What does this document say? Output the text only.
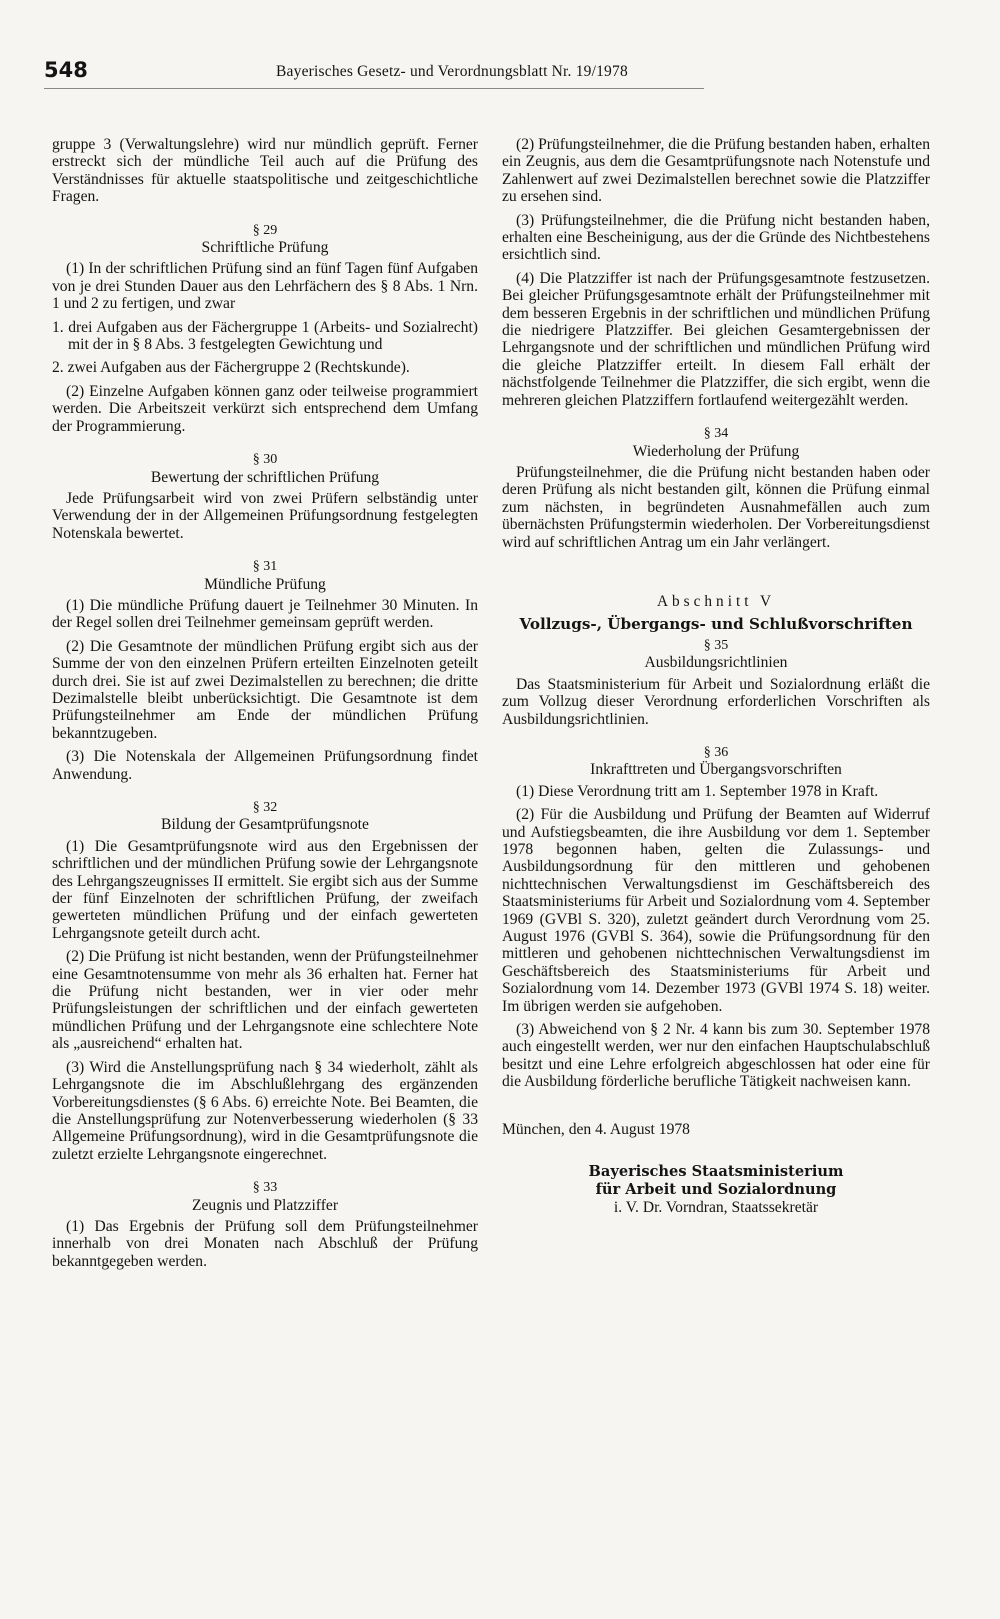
548	Bayerisches Gesetz- und Verordnungsblatt Nr. 19/1978

gruppe 3 (Verwaltungslehre) wird nur mündlich geprüft. Ferner erstreckt sich der mündliche Teil auch auf die Prüfung des Verständnisses für aktuelle staatspolitische und zeitgeschichtliche Fragen.

§ 29
Schriftliche Prüfung

(1) In der schriftlichen Prüfung sind an fünf Tagen fünf Aufgaben von je drei Stunden Dauer aus den Lehrfächern des § 8 Abs. 1 Nrn. 1 und 2 zu fertigen, und zwar

1. drei Aufgaben aus der Fächergruppe 1 (Arbeits- und Sozialrecht) mit der in § 8 Abs. 3 festgelegten Gewichtung und

2. zwei Aufgaben aus der Fächergruppe 2 (Rechtskunde).

(2) Einzelne Aufgaben können ganz oder teilweise programmiert werden. Die Arbeitszeit verkürzt sich entsprechend dem Umfang der Programmierung.

§ 30
Bewertung der schriftlichen Prüfung

Jede Prüfungsarbeit wird von zwei Prüfern selbständig unter Verwendung der in der Allgemeinen Prüfungsordnung festgelegten Notenskala bewertet.

§ 31
Mündliche Prüfung

(1) Die mündliche Prüfung dauert je Teilnehmer 30 Minuten. In der Regel sollen drei Teilnehmer gemeinsam geprüft werden.

(2) Die Gesamtnote der mündlichen Prüfung ergibt sich aus der Summe der von den einzelnen Prüfern erteilten Einzelnoten geteilt durch drei. Sie ist auf zwei Dezimalstellen zu berechnen; die dritte Dezimalstelle bleibt unberücksichtigt. Die Gesamtnote ist dem Prüfungsteilnehmer am Ende der mündlichen Prüfung bekanntzugeben.

(3) Die Notenskala der Allgemeinen Prüfungsordnung findet Anwendung.

§ 32
Bildung der Gesamtprüfungsnote

(1) Die Gesamtprüfungsnote wird aus den Ergebnissen der schriftlichen und der mündlichen Prüfung sowie der Lehrgangsnote des Lehrgangszeugnisses II ermittelt. Sie ergibt sich aus der Summe der fünf Einzelnoten der schriftlichen Prüfung, der zweifach gewerteten mündlichen Prüfung und der einfach gewerteten Lehrgangsnote geteilt durch acht.

(2) Die Prüfung ist nicht bestanden, wenn der Prüfungsteilnehmer eine Gesamtnotensumme von mehr als 36 erhalten hat. Ferner hat die Prüfung nicht bestanden, wer in vier oder mehr Prüfungsleistungen der schriftlichen und der einfach gewerteten mündlichen Prüfung und der Lehrgangsnote eine schlechtere Note als „ausreichend“ erhalten hat.

(3) Wird die Anstellungsprüfung nach § 34 wiederholt, zählt als Lehrgangsnote die im Abschlußlehrgang des ergänzenden Vorbereitungsdienstes (§ 6 Abs. 6) erreichte Note. Bei Beamten, die die Anstellungsprüfung zur Notenverbesserung wiederholen (§ 33 Allgemeine Prüfungsordnung), wird in die Gesamtprüfungsnote die zuletzt erzielte Lehrgangsnote eingerechnet.

§ 33
Zeugnis und Platzziffer

(1) Das Ergebnis der Prüfung soll dem Prüfungsteilnehmer innerhalb von drei Monaten nach Abschluß der Prüfung bekanntgegeben werden.

(2) Prüfungsteilnehmer, die die Prüfung bestanden haben, erhalten ein Zeugnis, aus dem die Gesamtprüfungsnote nach Notenstufe und Zahlenwert auf zwei Dezimalstellen berechnet sowie die Platzziffer zu ersehen sind.

(3) Prüfungsteilnehmer, die die Prüfung nicht bestanden haben, erhalten eine Bescheinigung, aus der die Gründe des Nichtbestehens ersichtlich sind.

(4) Die Platzziffer ist nach der Prüfungsgesamtnote festzusetzen. Bei gleicher Prüfungsgesamtnote erhält der Prüfungsteilnehmer mit dem besseren Ergebnis in der schriftlichen und mündlichen Prüfung die niedrigere Platzziffer. Bei gleichen Gesamtergebnissen der Lehrgangsnote und der schriftlichen und mündlichen Prüfung wird die gleiche Platzziffer erteilt. In diesem Fall erhält der nächstfolgende Teilnehmer die Platzziffer, die sich ergibt, wenn die mehreren gleichen Platzziffern fortlaufend weitergezählt werden.

§ 34
Wiederholung der Prüfung

Prüfungsteilnehmer, die die Prüfung nicht bestanden haben oder deren Prüfung als nicht bestanden gilt, können die Prüfung einmal zum nächsten, in begründeten Ausnahmefällen auch zum übernächsten Prüfungstermin wiederholen. Der Vorbereitungsdienst wird auf schriftlichen Antrag um ein Jahr verlängert.

Abschnitt V
Vollzugs-, Übergangs- und Schlußvorschriften
§ 35
Ausbildungsrichtlinien

Das Staatsministerium für Arbeit und Sozialordnung erläßt die zum Vollzug dieser Verordnung erforderlichen Vorschriften als Ausbildungsrichtlinien.

§ 36
Inkrafttreten und Übergangsvorschriften

(1) Diese Verordnung tritt am 1. September 1978 in Kraft.

(2) Für die Ausbildung und Prüfung der Beamten auf Widerruf und Aufstiegsbeamten, die ihre Ausbildung vor dem 1. September 1978 begonnen haben, gelten die Zulassungs- und Ausbildungsordnung für den mittleren und gehobenen nichttechnischen Verwaltungsdienst im Geschäftsbereich des Staatsministeriums für Arbeit und Sozialordnung vom 4. September 1969 (GVBl S. 320), zuletzt geändert durch Verordnung vom 25. August 1976 (GVBl S. 364), sowie die Prüfungsordnung für den mittleren und gehobenen nichttechnischen Verwaltungsdienst im Geschäftsbereich des Staatsministeriums für Arbeit und Sozialordnung vom 14. Dezember 1973 (GVBl 1974 S. 18) weiter. Im übrigen werden sie aufgehoben.

(3) Abweichend von § 2 Nr. 4 kann bis zum 30. September 1978 auch eingestellt werden, wer nur den einfachen Hauptschulabschluß besitzt und eine Lehre erfolgreich abgeschlossen hat oder eine für die Ausbildung förderliche berufliche Tätigkeit nachweisen kann.

München, den 4. August 1978
Bayerisches Staatsministerium
für Arbeit und Sozialordnung
i. V. Dr. Vorndran, Staatssekretär
